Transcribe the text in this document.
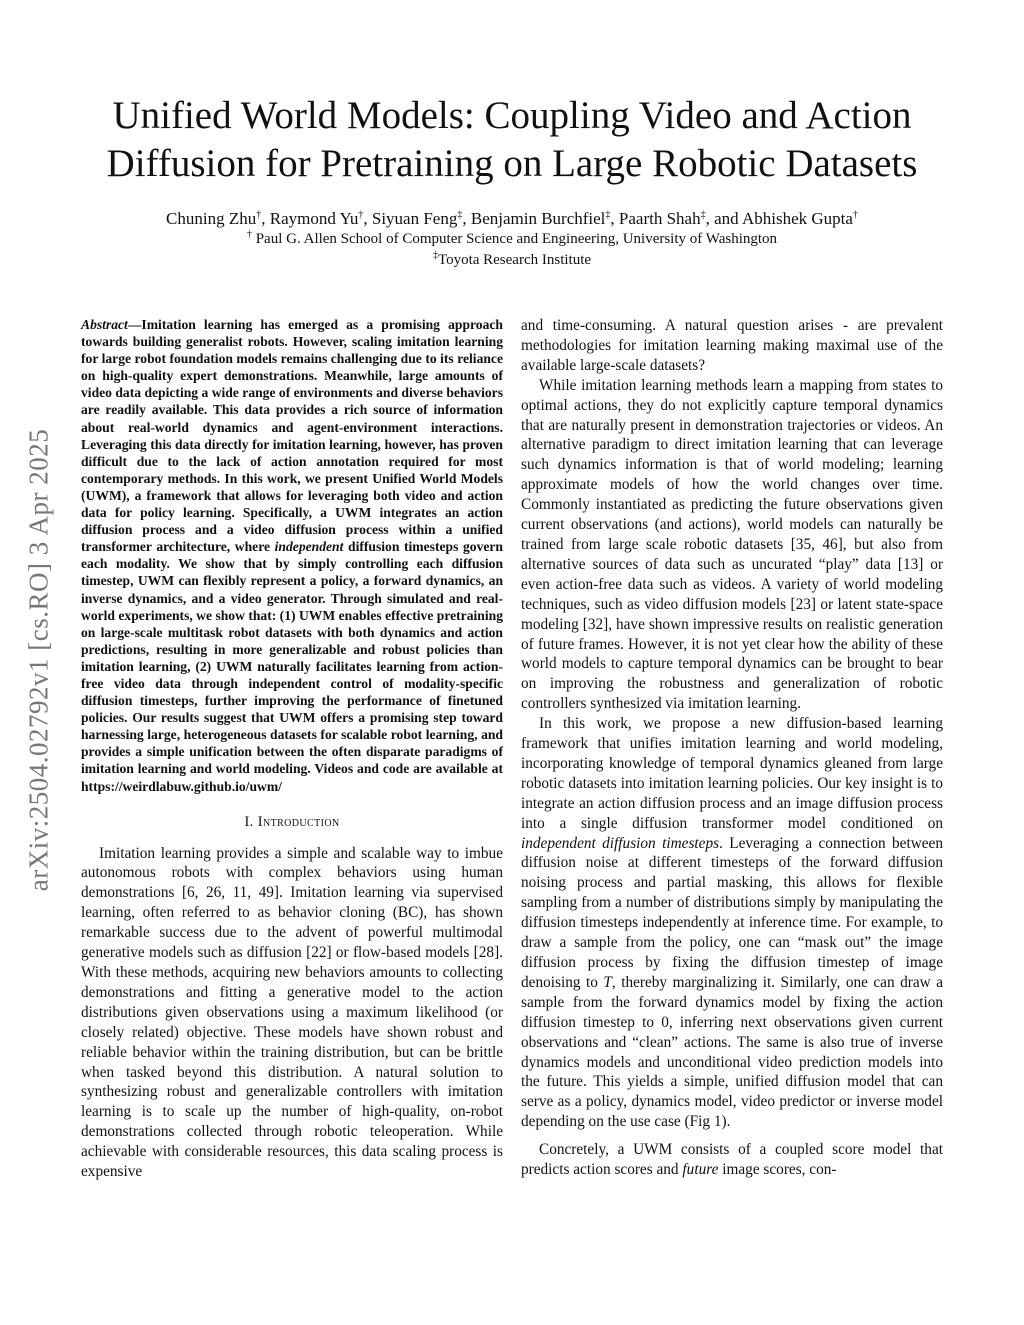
arXiv:2504.02792v1 [cs.RO] 3 Apr 2025
Unified World Models: Coupling Video and Action Diffusion for Pretraining on Large Robotic Datasets
Chuning Zhu†, Raymond Yu†, Siyuan Feng‡, Benjamin Burchfiel‡, Paarth Shah‡, and Abhishek Gupta†
† Paul G. Allen School of Computer Science and Engineering, University of Washington
‡Toyota Research Institute

Abstract—Imitation learning has emerged as a promising approach towards building generalist robots. However, scaling imitation learning for large robot foundation models remains challenging due to its reliance on high-quality expert demonstrations. Meanwhile, large amounts of video data depicting a wide range of environments and diverse behaviors are readily available. This data provides a rich source of information about real-world dynamics and agent-environment interactions. Leveraging this data directly for imitation learning, however, has proven difficult due to the lack of action annotation required for most contemporary methods. In this work, we present Unified World Models (UWM), a framework that allows for leveraging both video and action data for policy learning. Specifically, a UWM integrates an action diffusion process and a video diffusion process within a unified transformer architecture, where independent diffusion timesteps govern each modality. We show that by simply controlling each diffusion timestep, UWM can flexibly represent a policy, a forward dynamics, an inverse dynamics, and a video generator. Through simulated and real-world experiments, we show that: (1) UWM enables effective pretraining on large-scale multitask robot datasets with both dynamics and action predictions, resulting in more generalizable and robust policies than imitation learning, (2) UWM naturally facilitates learning from action-free video data through independent control of modality-specific diffusion timesteps, further improving the performance of finetuned policies. Our results suggest that UWM offers a promising step toward harnessing large, heterogeneous datasets for scalable robot learning, and provides a simple unification between the often disparate paradigms of imitation learning and world modeling. Videos and code are available at https://weirdlabuw.github.io/uwm/

I. Introduction

Imitation learning provides a simple and scalable way to imbue autonomous robots with complex behaviors using human demonstrations [6, 26, 11, 49]. Imitation learning via supervised learning, often referred to as behavior cloning (BC), has shown remarkable success due to the advent of powerful multimodal generative models such as diffusion [22] or flow-based models [28]. With these methods, acquiring new behaviors amounts to collecting demonstrations and fitting a generative model to the action distributions given observations using a maximum likelihood (or closely related) objective. These models have shown robust and reliable behavior within the training distribution, but can be brittle when tasked beyond this distribution. A natural solution to synthesizing robust and generalizable controllers with imitation learning is to scale up the number of high-quality, on-robot demonstrations collected through robotic teleoperation. While achievable with considerable resources, this data scaling process is expensive

and time-consuming. A natural question arises - are prevalent methodologies for imitation learning making maximal use of the available large-scale datasets?

While imitation learning methods learn a mapping from states to optimal actions, they do not explicitly capture temporal dynamics that are naturally present in demonstration trajectories or videos. An alternative paradigm to direct imitation learning that can leverage such dynamics information is that of world modeling; learning approximate models of how the world changes over time. Commonly instantiated as predicting the future observations given current observations (and actions), world models can naturally be trained from large scale robotic datasets [35, 46], but also from alternative sources of data such as uncurated “play” data [13] or even action-free data such as videos. A variety of world modeling techniques, such as video diffusion models [23] or latent state-space modeling [32], have shown impressive results on realistic generation of future frames. However, it is not yet clear how the ability of these world models to capture temporal dynamics can be brought to bear on improving the robustness and generalization of robotic controllers synthesized via imitation learning.

In this work, we propose a new diffusion-based learning framework that unifies imitation learning and world modeling, incorporating knowledge of temporal dynamics gleaned from large robotic datasets into imitation learning policies. Our key insight is to integrate an action diffusion process and an image diffusion process into a single diffusion transformer model conditioned on independent diffusion timesteps. Leveraging a connection between diffusion noise at different timesteps of the forward diffusion noising process and partial masking, this allows for flexible sampling from a number of distributions simply by manipulating the diffusion timesteps independently at inference time. For example, to draw a sample from the policy, one can “mask out” the image diffusion process by fixing the diffusion timestep of image denoising to T, thereby marginalizing it. Similarly, one can draw a sample from the forward dynamics model by fixing the action diffusion timestep to 0, inferring next observations given current observations and “clean” actions. The same is also true of inverse dynamics models and unconditional video prediction models into the future. This yields a simple, unified diffusion model that can serve as a policy, dynamics model, video predictor or inverse model depending on the use case (Fig 1).

Concretely, a UWM consists of a coupled score model that predicts action scores and future image scores, con-
